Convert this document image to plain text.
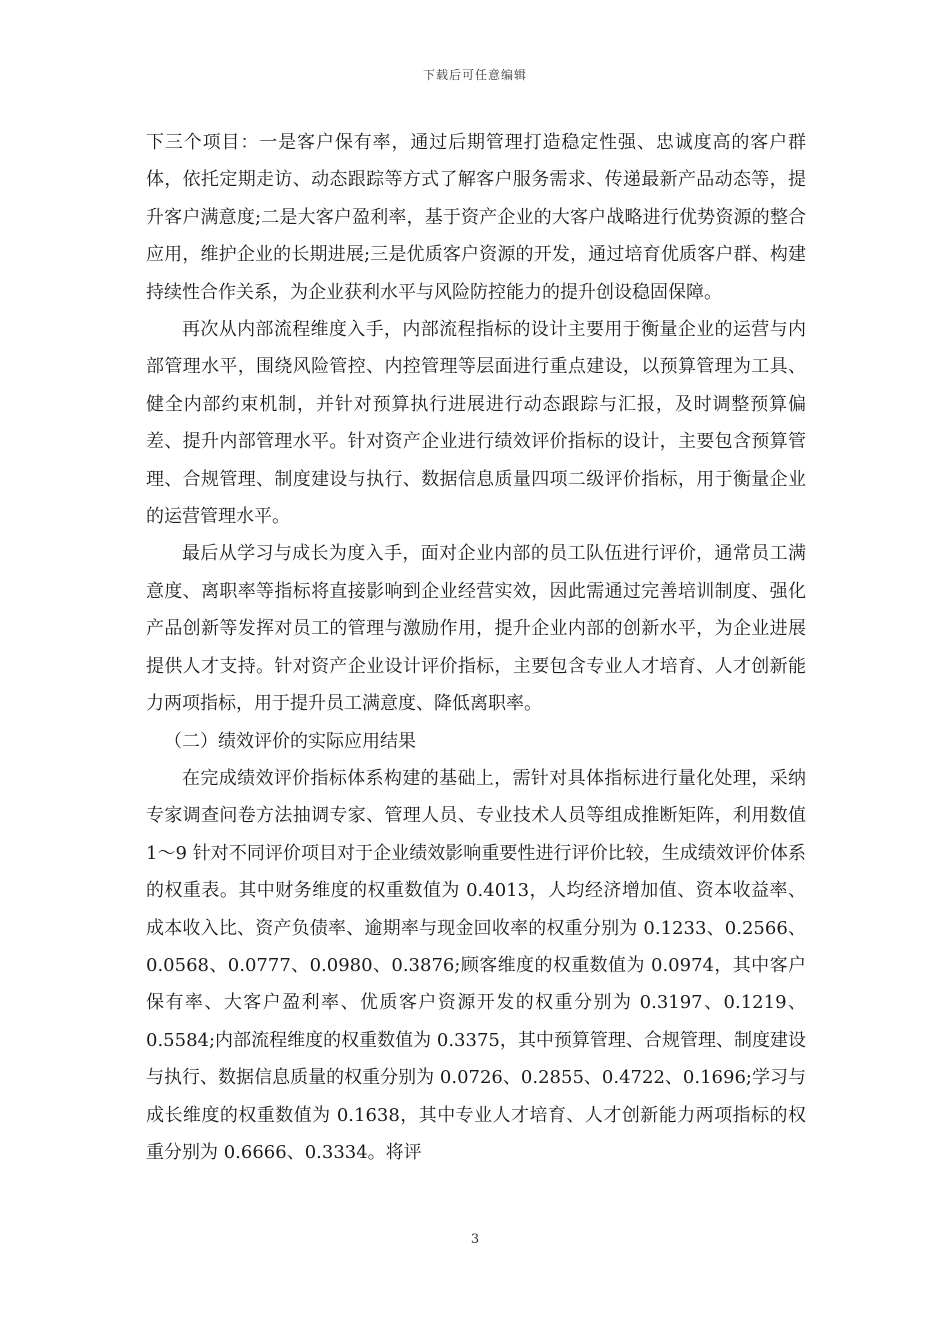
下载后可任意编辑

下三个项目：一是客户保有率，通过后期管理打造稳定性强、忠诚度高的客户群体，依托定期走访、动态跟踪等方式了解客户服务需求、传递最新产品动态等，提升客户满意度;二是大客户盈利率，基于资产企业的大客户战略进行优势资源的整合应用，维护企业的长期进展;三是优质客户资源的开发，通过培育优质客户群、构建持续性合作关系，为企业获利水平与风险防控能力的提升创设稳固保障。

再次从内部流程维度入手，内部流程指标的设计主要用于衡量企业的运营与内部管理水平，围绕风险管控、内控管理等层面进行重点建设，以预算管理为工具、健全内部约束机制，并针对预算执行进展进行动态跟踪与汇报，及时调整预算偏差、提升内部管理水平。针对资产企业进行绩效评价指标的设计，主要包含预算管理、合规管理、制度建设与执行、数据信息质量四项二级评价指标，用于衡量企业的运营管理水平。

最后从学习与成长为度入手，面对企业内部的员工队伍进行评价，通常员工满意度、离职率等指标将直接影响到企业经营实效，因此需通过完善培训制度、强化产品创新等发挥对员工的管理与激励作用，提升企业内部的创新水平，为企业进展提供人才支持。针对资产企业设计评价指标，主要包含专业人才培育、人才创新能力两项指标，用于提升员工满意度、降低离职率。

（二）绩效评价的实际应用结果

在完成绩效评价指标体系构建的基础上，需针对具体指标进行量化处理，采纳专家调查问卷方法抽调专家、管理人员、专业技术人员等组成推断矩阵，利用数值 1～9 针对不同评价项目对于企业绩效影响重要性进行评价比较，生成绩效评价体系的权重表。其中财务维度的权重数值为 0.4013，人均经济增加值、资本收益率、成本收入比、资产负债率、逾期率与现金回收率的权重分别为 0.1233、0.2566、0.0568、0.0777、0.0980、0.3876;顾客维度的权重数值为 0.0974，其中客户保有率、大客户盈利率、优质客户资源开发的权重分别为 0.3197、0.1219、0.5584;内部流程维度的权重数值为 0.3375，其中预算管理、合规管理、制度建设与执行、数据信息质量的权重分别为 0.0726、0.2855、0.4722、0.1696;学习与成长维度的权重数值为 0.1638，其中专业人才培育、人才创新能力两项指标的权重分别为 0.6666、0.3334。将评

3
